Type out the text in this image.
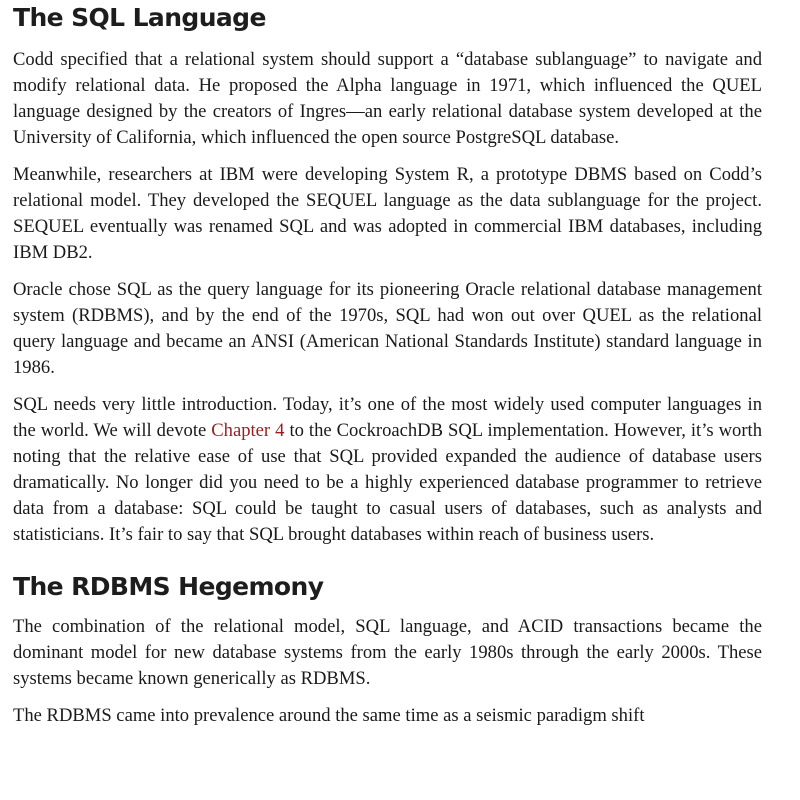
The SQL Language

Codd specified that a relational system should support a “database sublanguage” to navigate and modify relational data. He proposed the Alpha language in 1971, which influenced the QUEL language designed by the creators of Ingres—an early relational database system developed at the University of California, which influenced the open source PostgreSQL database.

Meanwhile, researchers at IBM were developing System R, a prototype DBMS based on Codd’s relational model. They developed the SEQUEL language as the data sublanguage for the project. SEQUEL eventually was renamed SQL and was adopted in commercial IBM databases, including IBM DB2.

Oracle chose SQL as the query language for its pioneering Oracle relational database management system (RDBMS), and by the end of the 1970s, SQL had won out over QUEL as the relational query language and became an ANSI (American National Standards Institute) standard language in 1986.

SQL needs very little introduction. Today, it’s one of the most widely used computer languages in the world. We will devote Chapter 4 to the CockroachDB SQL implementation. However, it’s worth noting that the relative ease of use that SQL provided expanded the audience of database users dramatically. No longer did you need to be a highly experienced database programmer to retrieve data from a database: SQL could be taught to casual users of databases, such as analysts and statisticians. It’s fair to say that SQL brought databases within reach of business users.

The RDBMS Hegemony

The combination of the relational model, SQL language, and ACID transactions became the dominant model for new database systems from the early 1980s through the early 2000s. These systems became known generically as RDBMS.

The RDBMS came into prevalence around the same time as a seismic paradigm shift
